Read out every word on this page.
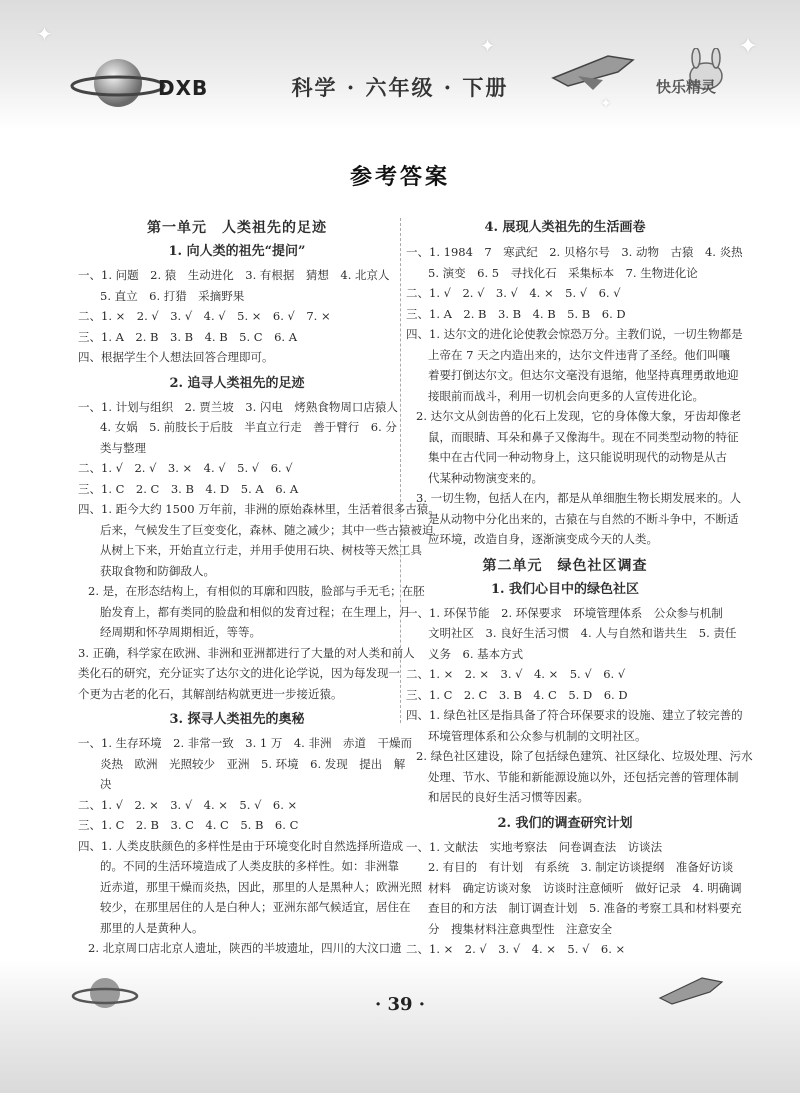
DXB	科学 · 六年级 · 下册	快乐精灵
✦
✦	✦
✦
参考答案
第一单元　人类祖先的足迹
1. 向人类的祖先“提问”
一、1. 问题　2. 猿　生动进化　3. 有根据　猜想　4. 北京人
5. 直立　6. 打猎　采摘野果
二、1. ×　2. √　3. √　4. √　5. ×　6. √　7. ×
三、1. A　2. B　3. B　4. B　5. C　6. A
四、根据学生个人想法回答合理即可。
2. 追寻人类祖先的足迹
一、1. 计划与组织　2. 贾兰坡　3. 闪电　烤熟食物周口店猿人
4. 女娲　5. 前肢长于后肢　半直立行走　善于臂行　6. 分
类与整理
二、1. √　2. √　3. ×　4. √　5. √　6. √
三、1. C　2. C　3. B　4. D　5. A　6. A
四、1. 距今大约 1500 万年前，非洲的原始森林里，生活着很多古猿。
后来，气候发生了巨变变化，森林、随之减少；其中一些古猿被迫
从树上下来，开始直立行走，并用手使用石块、树枝等天然工具
获取食物和防御敌人。
2. 是，在形态结构上，有相似的耳廓和四肢，脸部与手无毛；在胚
胎发育上，都有类同的脸盘和相似的发育过程；在生理上，月
经周期和怀孕周期相近，等等。
3. 正确，科学家在欧洲、非洲和亚洲都进行了大量的对人类和前人
类化石的研究，充分证实了达尔文的进化论学说，因为每发现一
个更为古老的化石，其解剖结构就更进一步接近猿。
3. 探寻人类祖先的奥秘
一、1. 生存环境　2. 非常一致　3. 1 万　4. 非洲　赤道　干燥而
炎热　欧洲　光照较少　亚洲　5. 环境　6. 发现　提出　解
决
二、1. √　2. ×　3. √　4. ×　5. √　6. ×
三、1. C　2. B　3. C　4. C　5. B　6. C
四、1. 人类皮肤颜色的多样性是由于环境变化时自然选择所造成
的。不同的生活环境造成了人类皮肤的多样性。如：非洲靠
近赤道，那里干燥而炎热，因此，那里的人是黑种人；欧洲光照
较少，在那里居住的人是白种人；亚洲东部气候适宜，居住在
那里的人是黄种人。
2. 北京周口店北京人遗址，陕西的半坡遗址，四川的大汶口遗
4. 展现人类祖先的生活画卷
一、1. 1984　7　寒武纪　2. 贝格尔号　3. 动物　古猿　4. 炎热
5. 演变　6. 5　寻找化石　采集标本　7. 生物进化论
二、1. √　2. √　3. √　4. ×　5. √　6. √
三、1. A　2. B　3. B　4. B　5. B　6. D
四、1. 达尔文的进化论使教会惊恐万分。主教们说，一切生物都是
上帝在 7 天之内造出来的，达尔文件违背了圣经。他们叫嚷
着要打倒达尔文。但达尔文毫没有退缩，他坚持真理勇敢地迎
接眼前而战斗，利用一切机会向更多的人宣传进化论。
2. 达尔文从剑齿兽的化石上发现，它的身体像大象，牙齿却像老
鼠，而眼睛、耳朵和鼻子又像海牛。现在不同类型动物的特征
集中在古代同一种动物身上，这只能说明现代的动物是从古
代某种动物演变来的。
3. 一切生物，包括人在内，都是从单细胞生物长期发展来的。人
是从动物中分化出来的，古猿在与自然的不断斗争中，不断适
应环境，改造自身，逐渐演变成今天的人类。
第二单元　绿色社区调查
1. 我们心目中的绿色社区
一、1. 环保节能　2. 环保要求　环境管理体系　公众参与机制
文明社区　3. 良好生活习惯　4. 人与自然和谐共生　5. 责任
义务　6. 基本方式
二、1. ×　2. ×　3. √　4. ×　5. √　6. √
三、1. C　2. C　3. B　4. C　5. D　6. D
四、1. 绿色社区是指具备了符合环保要求的设施、建立了较完善的
环境管理体系和公众参与机制的文明社区。
2. 绿色社区建设，除了包括绿色建筑、社区绿化、垃圾处理、污水
处理、节水、节能和新能源设施以外，还包括完善的管理体制
和居民的良好生活习惯等因素。
2. 我们的调查研究计划
一、1. 文献法　实地考察法　问卷调查法　访谈法
2. 有目的　有计划　有系统　3. 制定访谈提纲　准备好访谈
材料　确定访谈对象　访谈时注意倾听　做好记录　4. 明确调
查目的和方法　制订调查计划　5. 准备的考察工具和材料要充
分　搜集材料注意典型性　注意安全
二、1. ×　2. √　3. √　4. ×　5. √　6. ×
· 39 ·
